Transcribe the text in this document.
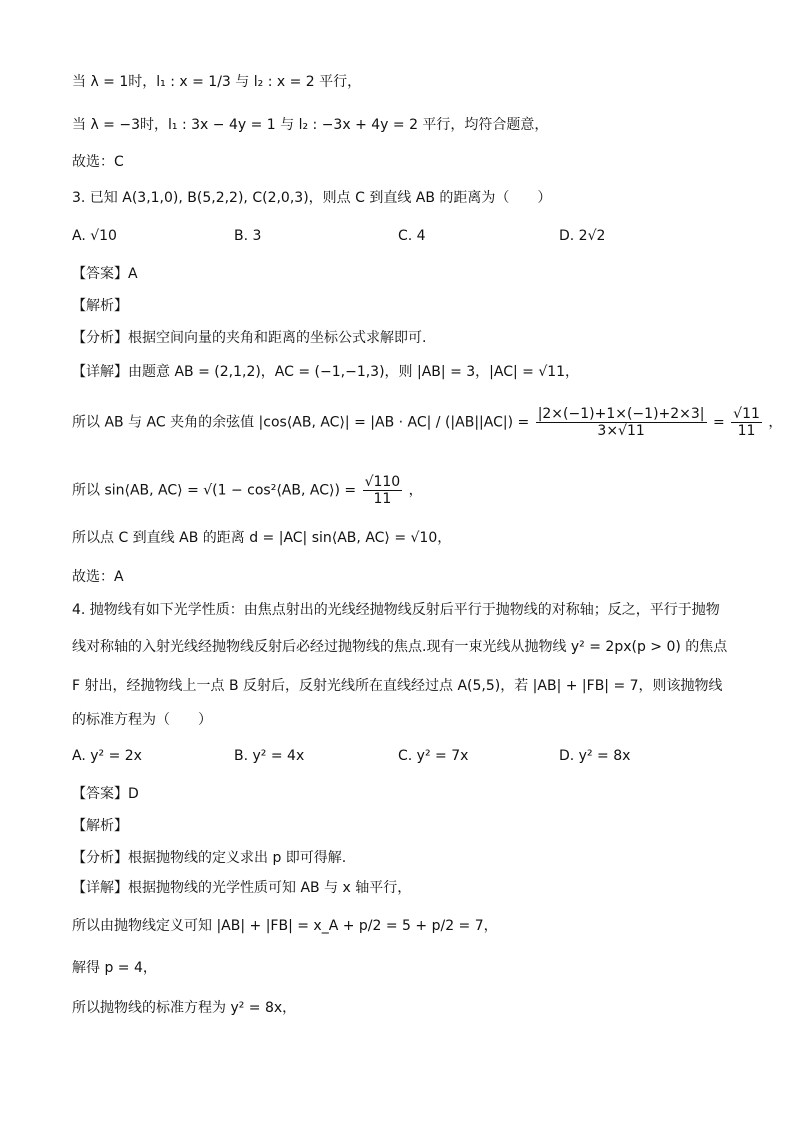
当 λ = 1时，l₁ : x = 1/3 与 l₂ : x = 2 平行，
当 λ = −3时，l₁ : 3x − 4y = 1 与 l₂ : −3x + 4y = 2 平行，均符合题意，
故选：C
3. 已知 A(3,1,0), B(5,2,2), C(2,0,3)，则点 C 到直线 AB 的距离为（　　）
A. √10	B. 3	C. 4	D. 2√2
【答案】A
【解析】
【分析】根据空间向量的夹角和距离的坐标公式求解即可.
【详解】由题意 AB = (2,1,2)，AC = (−1,−1,3)，则 |AB| = 3，|AC| = √11，
所以 AB 与 AC 夹角的余弦值 |cos⟨AB, AC⟩| = $|AB \cdot AC| / (|AB||AC|) = \frac{|2\times(-1)+1\times(-1)+2\times 3|}{3\times√11} = \frac{√11}{11}$ ，
所以 sin⟨AB, AC⟩ = √(1 − cos²⟨AB, AC⟩) = $\frac{√110}{11}$ ，
所以点 C 到直线 AB 的距离 d = |AC| sin⟨AB, AC⟩ = √10，
故选：A
4. 抛物线有如下光学性质：由焦点射出的光线经抛物线反射后平行于抛物线的对称轴；反之，平行于抛物
线对称轴的入射光线经抛物线反射后必经过抛物线的焦点.现有一束光线从抛物线 y² = 2px(p > 0) 的焦点
F 射出，经抛物线上一点 B 反射后，反射光线所在直线经过点 A(5,5)，若 |AB| + |FB| = 7，则该抛物线
的标准方程为（　　）
A. y² = 2x	B. y² = 4x	C. y² = 7x	D. y² = 8x
【答案】D
【解析】
【分析】根据抛物线的定义求出 p 即可得解.
【详解】根据抛物线的光学性质可知 AB 与 x 轴平行，
所以由抛物线定义可知 |AB| + |FB| = x_A + p/2 = 5 + p/2 = 7，
解得 p = 4，
所以抛物线的标准方程为 y² = 8x，
